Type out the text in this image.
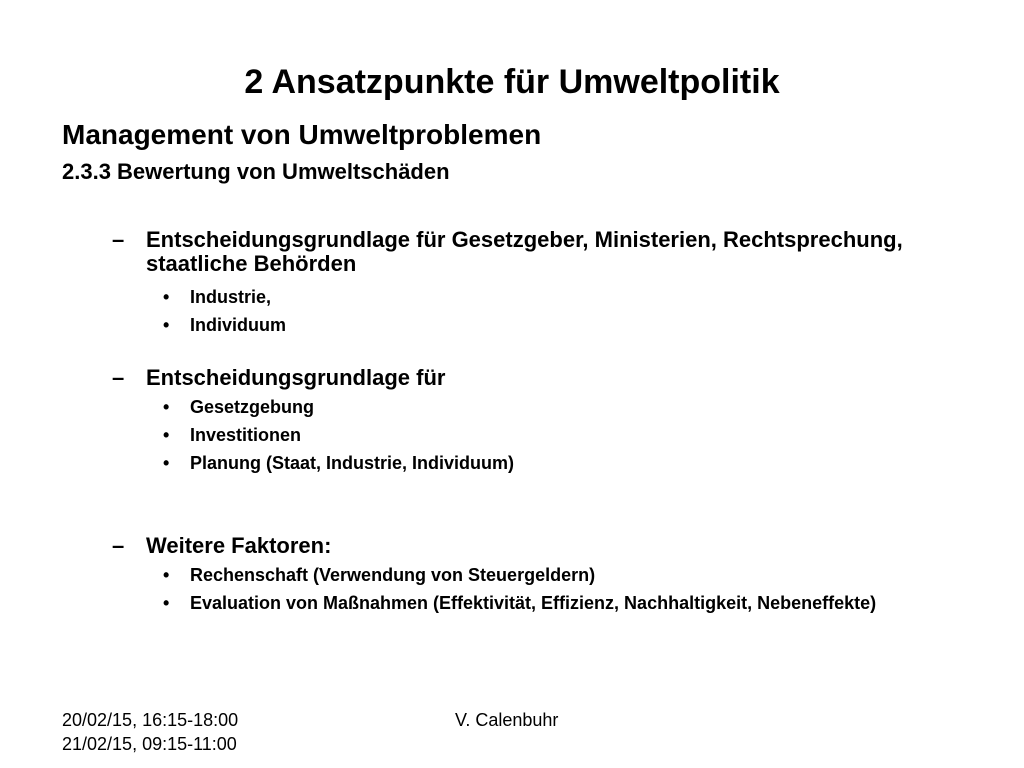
2 Ansatzpunkte für Umweltpolitik
Management von Umweltproblemen
2.3.3 Bewertung von Umweltschäden
– Entscheidungsgrundlage für Gesetzgeber, Ministerien, Rechtsprechung, staatliche Behörden
• Industrie,
• Individuum
– Entscheidungsgrundlage für
• Gesetzgebung
• Investitionen
• Planung (Staat, Industrie, Individuum)
– Weitere Faktoren:
• Rechenschaft (Verwendung von Steuergeldern)
• Evaluation von Maßnahmen (Effektivität, Effizienz, Nachhaltigkeit, Nebeneffekte)
20/02/15, 16:15-18:00
21/02/15, 09:15-11:00
V. Calenbuhr
